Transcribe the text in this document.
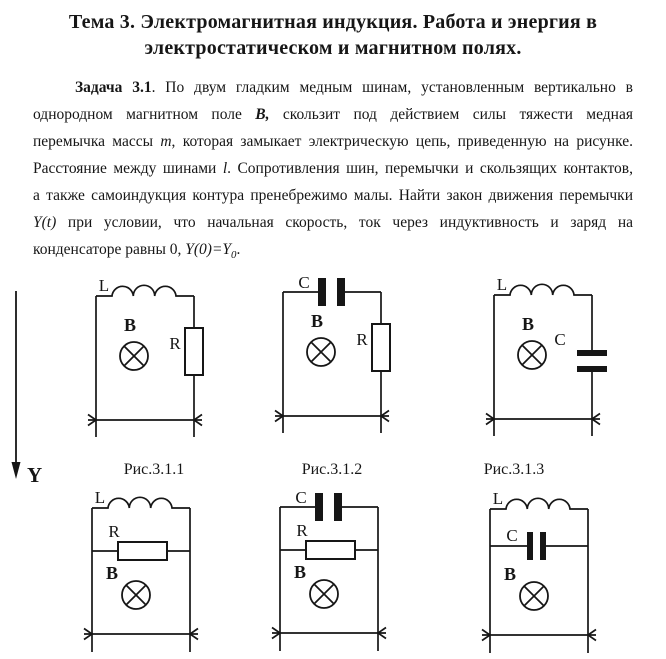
Тема 3. Электромагнитная индукция. Работа и энергия в
электростатическом и магнитном полях.
Задача 3.1. По двум гладким медным шинам, установленным вертикально в
однородном магнитном поле В, скользит под действием силы тяжести медная
перемычка массы m, которая замыкает электрическую цепь, приведенную на рисунке.
Расстояние между шинами l. Сопротивления шин, перемычки и скользящих контактов,
а также самоиндукция контура пренебрежимо малы. Найти закон движения перемычки
Y(t) при условии, что начальная скорость, ток через индуктивность и заряд на
конденсаторе равны 0, $Y(0)=Y_0$.
Y
L
R
B
C
R
B
L
C
B
L
R
B
C
R
B
L
C
B
Рис.3.1.1	Рис.3.1.2	Рис.3.1.3
